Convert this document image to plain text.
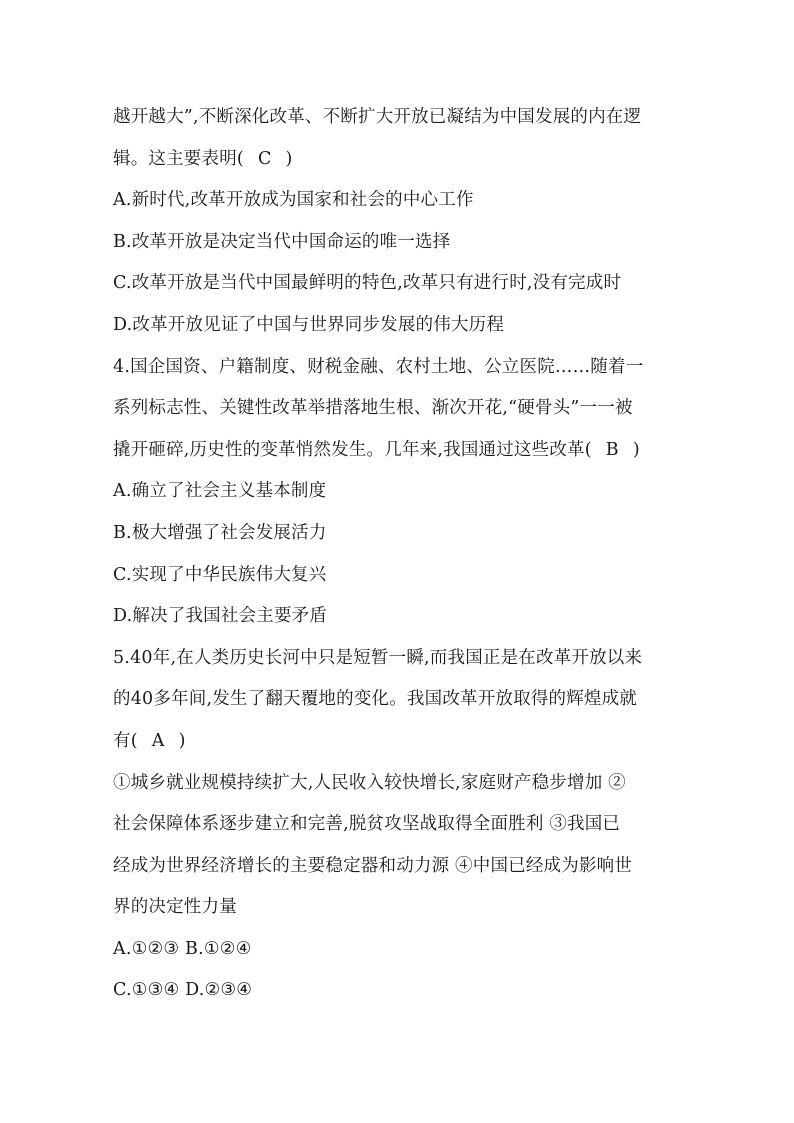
越开越大”,不断深化改革、不断扩大开放已凝结为中国发展的内在逻
辑。这主要表明( C )
A.新时代,改革开放成为国家和社会的中心工作
B.改革开放是决定当代中国命运的唯一选择
C.改革开放是当代中国最鲜明的特色,改革只有进行时,没有完成时
D.改革开放见证了中国与世界同步发展的伟大历程
4.国企国资、户籍制度、财税金融、农村土地、公立医院……随着一
系列标志性、关键性改革举措落地生根、渐次开花,“硬骨头”一一被
撬开砸碎,历史性的变革悄然发生。几年来,我国通过这些改革( B )
A.确立了社会主义基本制度
B.极大增强了社会发展活力
C.实现了中华民族伟大复兴
D.解决了我国社会主要矛盾
5.40年,在人类历史长河中只是短暂一瞬,而我国正是在改革开放以来
的40多年间,发生了翻天覆地的变化。我国改革开放取得的辉煌成就
有( A )
①城乡就业规模持续扩大,人民收入较快增长,家庭财产稳步增加 ②
社会保障体系逐步建立和完善,脱贫攻坚战取得全面胜利 ③我国已
经成为世界经济增长的主要稳定器和动力源 ④中国已经成为影响世
界的决定性力量
A.①②③ B.①②④
C.①③④ D.②③④
